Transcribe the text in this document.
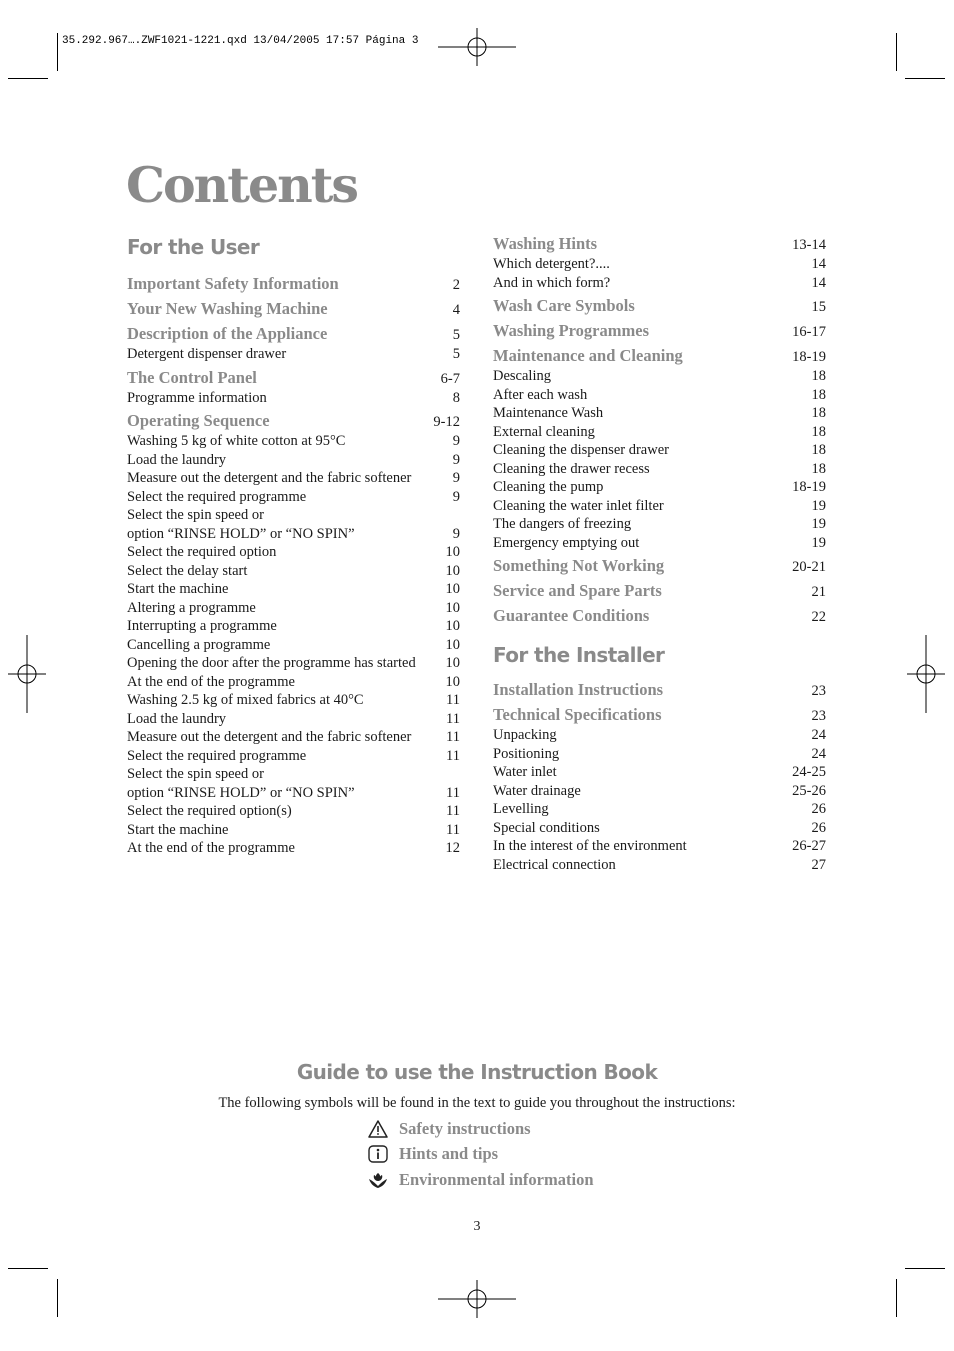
35.292.967….ZWF1021-1221.qxd 13/04/2005 17:57 Página 3
Contents
For the User
Important Safety Information	2
Your New Washing Machine	4
Description of the Appliance	5
Detergent dispenser drawer	5
The Control Panel	6-7
Programme information	8
Operating Sequence	9-12
Washing 5 kg of white cotton at 95°C	9
Load the laundry	9
Measure out the detergent and the fabric softener	9
Select the required programme	9
Select the spin speed or
option “RINSE HOLD” or “NO SPIN”	9
Select the required option	10
Select the delay start	10
Start the machine	10
Altering a programme	10
Interrupting a programme	10
Cancelling a programme	10
Opening the door after the programme has started	10
At the end of the programme	10
Washing 2.5 kg of mixed fabrics at 40°C	11
Load the laundry	11
Measure out the detergent and the fabric softener	11
Select the required programme	11
Select the spin speed or
option “RINSE HOLD” or “NO SPIN”	11
Select the required option(s)	11
Start the machine	11
At the end of the programme	12
Washing Hints	13-14
Which detergent?....	14
And in which form?	14
Wash Care Symbols	15
Washing Programmes	16-17
Maintenance and Cleaning	18-19
Descaling	18
After each wash	18
Maintenance Wash	18
External cleaning	18
Cleaning the dispenser drawer	18
Cleaning the drawer recess	18
Cleaning the pump	18-19
Cleaning the water inlet filter	19
The dangers of freezing	19
Emergency emptying out	19
Something Not Working	20-21
Service and Spare Parts	21
Guarantee Conditions	22
For the Installer
Installation Instructions	23
Technical Specifications	23
Unpacking	24
Positioning	24
Water inlet	24-25
Water drainage	25-26
Levelling	26
Special conditions	26
In the interest of the environment	26-27
Electrical connection	27
Guide to use the Instruction Book
The following symbols will be found in the text to guide you throughout the instructions:
Safety instructions
Hints and tips
Environmental information
3
